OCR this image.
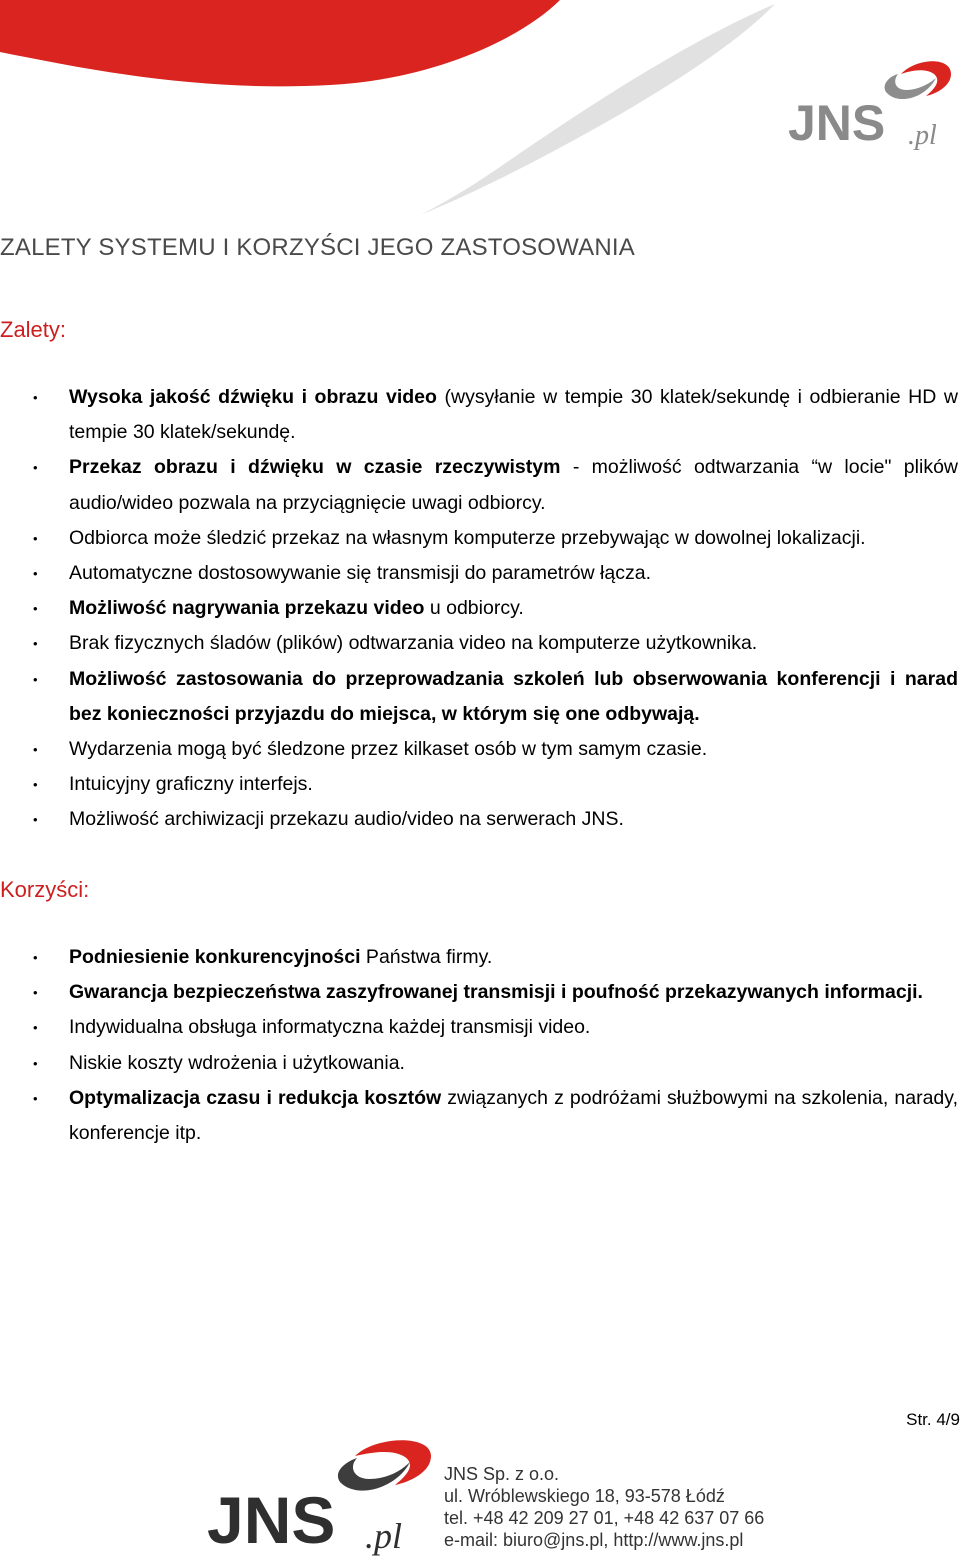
JNS .pl
ZALETY SYSTEMU I KORZYŚCI JEGO ZASTOSOWANIA
Zalety:
• Wysoka jakość dźwięku i obrazu video (wysyłanie w tempie 30 klatek/sekundę i odbieranie HD w tempie 30 klatek/sekundę.
• Przekaz obrazu i dźwięku w czasie rzeczywistym - możliwość odtwarzania “w locie" plików audio/wideo pozwala na przyciągnięcie uwagi odbiorcy.
• Odbiorca może śledzić przekaz na własnym komputerze przebywając w dowolnej lokalizacji.
• Automatyczne dostosowywanie się transmisji do parametrów łącza.
• Możliwość nagrywania przekazu video u odbiorcy.
• Brak fizycznych śladów (plików) odtwarzania video na komputerze użytkownika.
• Możliwość zastosowania do przeprowadzania szkoleń lub obserwowania konferencji i narad bez konieczności przyjazdu do miejsca, w którym się one odbywają.
• Wydarzenia mogą być śledzone przez kilkaset osób w tym samym czasie.
• Intuicyjny graficzny interfejs.
• Możliwość archiwizacji przekazu audio/video na serwerach JNS.
Korzyści:
• Podniesienie konkurencyjności Państwa firmy.
• Gwarancja bezpieczeństwa zaszyfrowanej transmisji i poufność przekazywanych informacji.
• Indywidualna obsługa informatyczna każdej transmisji video.
• Niskie koszty wdrożenia i użytkowania.
• Optymalizacja czasu i redukcja kosztów związanych z podróżami służbowymi na szkolenia, narady, konferencje itp.
Str. 4/9
JNS .pl
JNS Sp. z o.o.
ul. Wróblewskiego 18, 93-578 Łódź
tel. +48 42 209 27 01, +48 42 637 07 66
e-mail: biuro@jns.pl, http://www.jns.pl
